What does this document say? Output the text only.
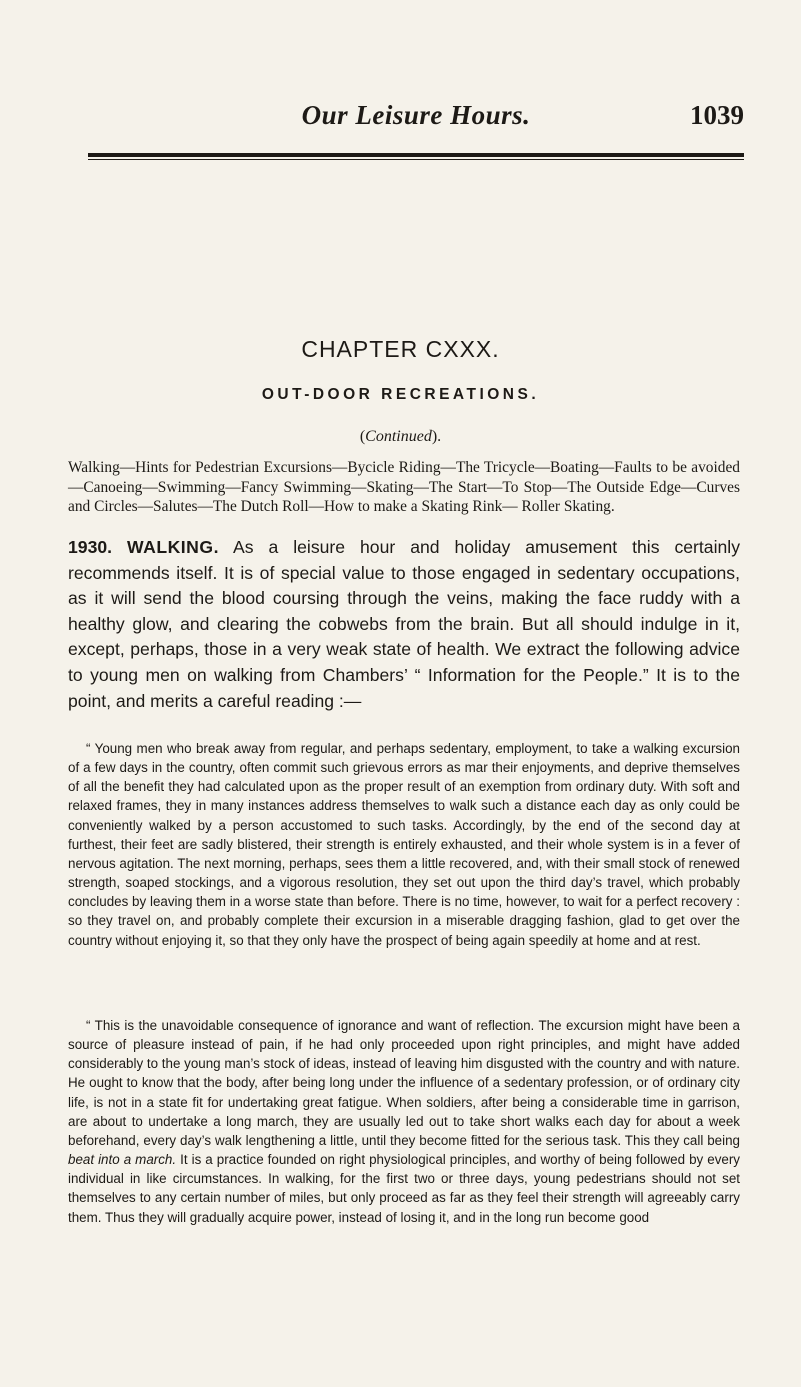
Our Leisure Hours.	1039
CHAPTER CXXX.
OUT-DOOR RECREATIONS.
(Continued).
Walking—Hints for Pedestrian Excursions—Bycicle Riding—The Tricycle—Boating—Faults to be avoided—Canoeing—Swimming—Fancy Swimming—Skating—The Start—To Stop—The Outside Edge—Curves and Circles—Salutes—The Dutch Roll—How to make a Skating Rink— Roller Skating.
1930. WALKING. As a leisure hour and holiday amusement this certainly recommends itself. It is of special value to those engaged in sedentary occupations, as it will send the blood coursing through the veins, making the face ruddy with a healthy glow, and clearing the cobwebs from the brain. But all should indulge in it, except, perhaps, those in a very weak state of health. We extract the following advice to young men on walking from Chambers’ “ Information for the People.” It is to the point, and merits a careful reading :—
“ Young men who break away from regular, and perhaps sedentary, employment, to take a walking excursion of a few days in the country, often commit such grievous errors as mar their enjoyments, and deprive themselves of all the benefit they had calculated upon as the proper result of an exemption from ordinary duty. With soft and relaxed frames, they in many instances address themselves to walk such a distance each day as only could be conveniently walked by a person accustomed to such tasks. Accordingly, by the end of the second day at furthest, their feet are sadly blistered, their strength is entirely exhausted, and their whole system is in a fever of nervous agitation. The next morning, perhaps, sees them a little recovered, and, with their small stock of renewed strength, soaped stockings, and a vigorous resolution, they set out upon the third day’s travel, which probably concludes by leaving them in a worse state than before. There is no time, however, to wait for a perfect recovery : so they travel on, and probably complete their excursion in a miserable dragging fashion, glad to get over the country without enjoying it, so that they only have the prospect of being again speedily at home and at rest.
“ This is the unavoidable consequence of ignorance and want of reflection. The excursion might have been a source of pleasure instead of pain, if he had only proceeded upon right principles, and might have added considerably to the young man’s stock of ideas, instead of leaving him disgusted with the country and with nature. He ought to know that the body, after being long under the influence of a sedentary profession, or of ordinary city life, is not in a state fit for undertaking great fatigue. When soldiers, after being a considerable time in garrison, are about to undertake a long march, they are usually led out to take short walks each day for about a week beforehand, every day’s walk lengthening a little, until they become fitted for the serious task. This they call being beat into a march. It is a practice founded on right physiological principles, and worthy of being followed by every individual in like circumstances. In walking, for the first two or three days, young pedestrians should not set themselves to any certain number of miles, but only proceed as far as they feel their strength will agreeably carry them. Thus they will gradually acquire power, instead of losing it, and in the long run become good
